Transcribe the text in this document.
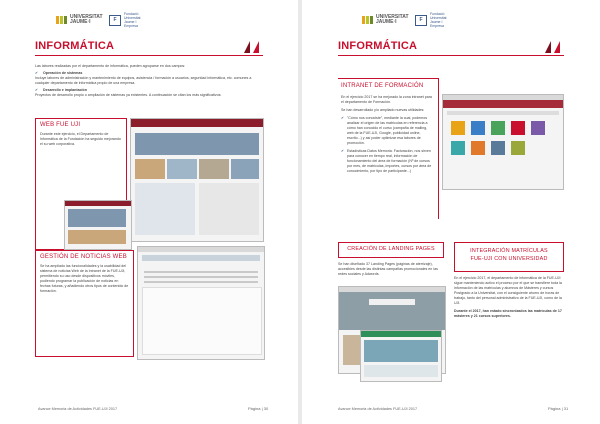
UNIVERSITAT JAUME·I	F
Fundació Universitat Jaume I Empresa
INFORMÁTICA
Las labores realizadas por el departamento de informática, pueden agruparse en dos campos:
✔ Operación de sistemas
Incluye labores de administración y mantenimiento de equipos, asistencia / formación a usuarios, seguridad informática, etc. comunes a cualquier departamento de informática propio de una empresa.
✔ Desarrollo e implantación
Proyectos de desarrollo propio o ampliación de sistemas ya existentes. A continuación se citan los más significativos:
WEB FUE UJI
Durante este ejercicio, el Departamento de Informática de la Fundación ha seguido mejorando el su web corporativa.
GESTIÓN DE NOTICIAS WEB
Se ha ampliado las funcionalidades y la usabilidad del sistema de noticias Web de la Intranet de la FUE-UJI, permitiendo su uso desde dispositivos móviles, pudiendo programar la publicación de noticias en fechas futuras, y añadiendo otros tipos de contenido de formación.
Avance Memoria de Actividades FUE-UJI 2017	Página | 30
UNIVERSITAT JAUME·I	F
Fundació Universitat Jaume I Empresa
INFORMÁTICA
INTRANET DE FORMACIÓN
En el ejercicio 2017 se ha mejorado la zona intranet para el departamento de Formación.
Se han desarrollado y/o ampliado nuevas utilidades:
✔ "Cómo nos conociste", mediante la cual, podemos analizar el origen de las matrículas en referencia a cómo han conocido el curso (campaña de mailing, web de la FUE-UJI, Google, publicidad online, escrito...) y así poder optimizar esa labores de promoción.
✔ Estadísticas Datos Memoria. Facturación, nos sirven para conocer en tiempo real, información de funcionamiento del área de formación (Nº de cursos por mes, de matrículas, importes, cursos por área de conocimiento, por tipo de participante...)
CREACIÓN DE LANDING PAGES
Se han diseñado 37 Landing Pages (páginas de aterrizaje), accesibles desde las distintas campañas promocionales en las redes sociales y Adwords.
INTEGRACIÓN MATRÍCULAS FUE-UJI CON UNIVERSIDAD
En el ejercicio 2017, el departamento de informática de la FUE-UJI sigue manteniendo activo el proceso por el que se transfiere toda la información de las matrículas y alumnos de Másteres y cursos Postgrado a la Universitat, con el consiguiente ahorro de horas de trabajo, tanto del personal administrativo de la FUE-UJI, como de la UJI.
Durante el 2017, han estado sincronizados las matrículas de 17 másteres y 21 cursos superiores.
Avance Memoria de Actividades FUE-UJI 2017	Página | 31
